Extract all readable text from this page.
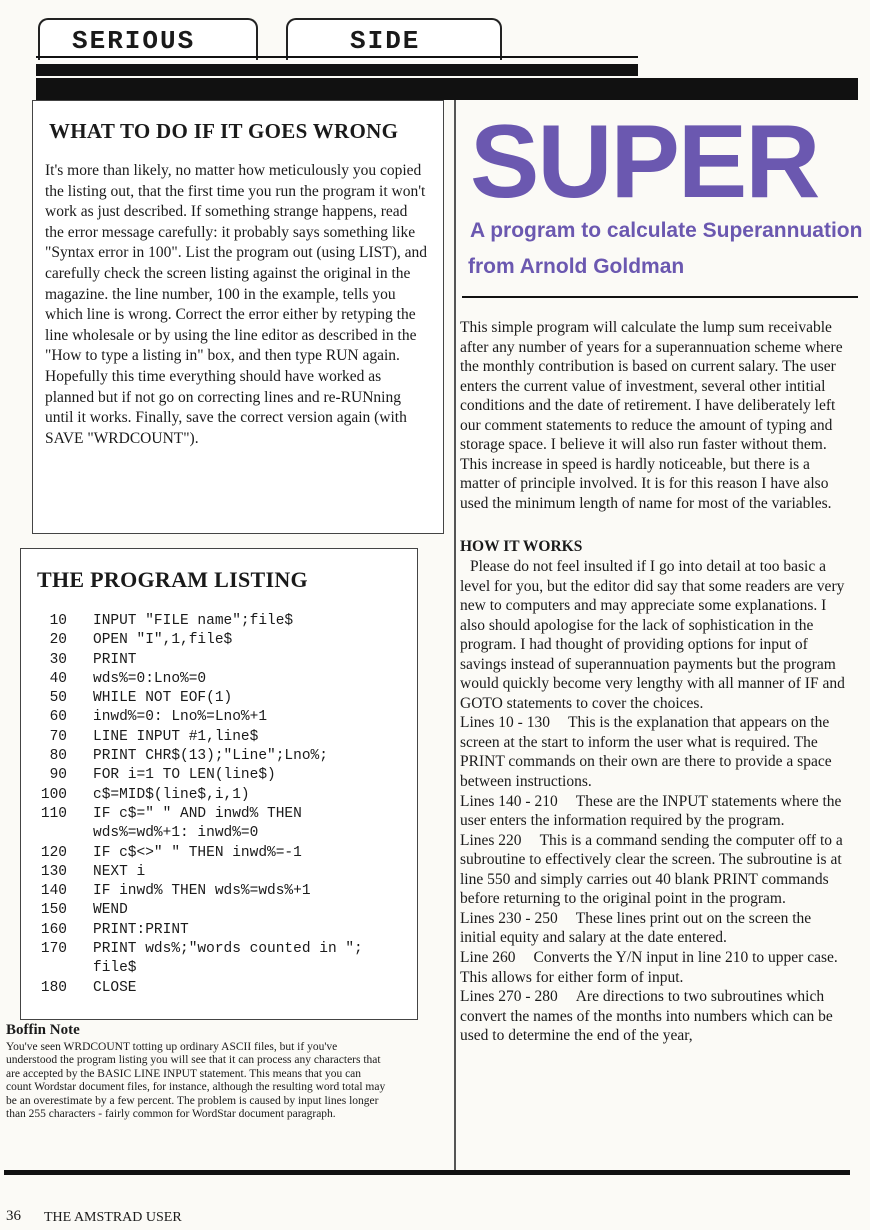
SERIOUS	SIDE
WHAT TO DO IF IT GOES WRONG
It's more than likely, no matter how meticulously you copied the listing out, that the first time you run the program it won't work as just described. If something strange happens, read the error message carefully: it probably says something like "Syntax error in 100". List the program out (using LIST), and carefully check the screen listing against the original in the magazine. the line number, 100 in the example, tells you which line is wrong. Correct the error either by retyping the line wholesale or by using the line editor as described in the "How to type a listing in" box, and then type RUN again. Hopefully this time everything should have worked as planned but if not go on correcting lines and re-RUNning until it works. Finally, save the correct version again (with SAVE "WRDCOUNT").
THE PROGRAM LISTING
10	INPUT "FILE name";file$
20	OPEN "I",1,file$
30	PRINT
40	wds%=0:Lno%=0
50	WHILE NOT EOF(1)
60	inwd%=0: Lno%=Lno%+1
70	LINE INPUT #1,line$
80	PRINT CHR$(13);"Line";Lno%;
90	FOR i=1 TO LEN(line$)
100	c$=MID$(line$,i,1)
110	IF c$=" " AND inwd% THEN
wds%=wd%+1: inwd%=0
120	IF c$<>" " THEN inwd%=-1
130	NEXT i
140	IF inwd% THEN wds%=wds%+1
150	WEND
160	PRINT:PRINT
170	PRINT wds%;"words counted in ";
file$
180	CLOSE
Boffin Note
You've seen WRDCOUNT totting up ordinary ASCII files, but if you've understood the program listing you will see that it can process any characters that are accepted by the BASIC LINE INPUT statement. This means that you can count Wordstar document files, for instance, although the resulting word total may be an overestimate by a few percent. The problem is caused by input lines longer than 255 characters - fairly common for WordStar document paragraph.
SUPER
A program to calculate Superannuation
from Arnold Goldman

This simple program will calculate the lump sum receivable after any number of years for a superannuation scheme where the monthly contribution is based on current salary. The user enters the current value of investment, several other intitial conditions and the date of retirement. I have deliberately left our comment statements to reduce the amount of typing and storage space. I believe it will also run faster without them. This increase in speed is hardly noticeable, but there is a matter of principle involved. It is for this reason I have also used the minimum length of name for most of the variables.

HOW IT WORKS

Please do not feel insulted if I go into detail at too basic a level for you, but the editor did say that some readers are very new to computers and may appreciate some explanations. I also should apologise for the lack of sophistication in the program. I had thought of providing options for input of savings instead of superannuation payments but the program would quickly become very lengthy with all manner of IF and GOTO statements to cover the choices.

Lines 10 - 130 This is the explanation that appears on the screen at the start to inform the user what is required. The PRINT commands on their own are there to provide a space between instructions.

Lines 140 - 210 These are the INPUT statements where the user enters the information required by the program.

Lines 220 This is a command sending the computer off to a subroutine to effectively clear the screen. The subroutine is at line 550 and simply carries out 40 blank PRINT commands before returning to the original point in the program.

Lines 230 - 250 These lines print out on the screen the initial equity and salary at the date entered.

Line 260 Converts the Y/N input in line 210 to upper case. This allows for either form of input.

Lines 270 - 280 Are directions to two subroutines which convert the names of the months into numbers which can be used to determine the end of the year,

36 THE AMSTRAD USER
